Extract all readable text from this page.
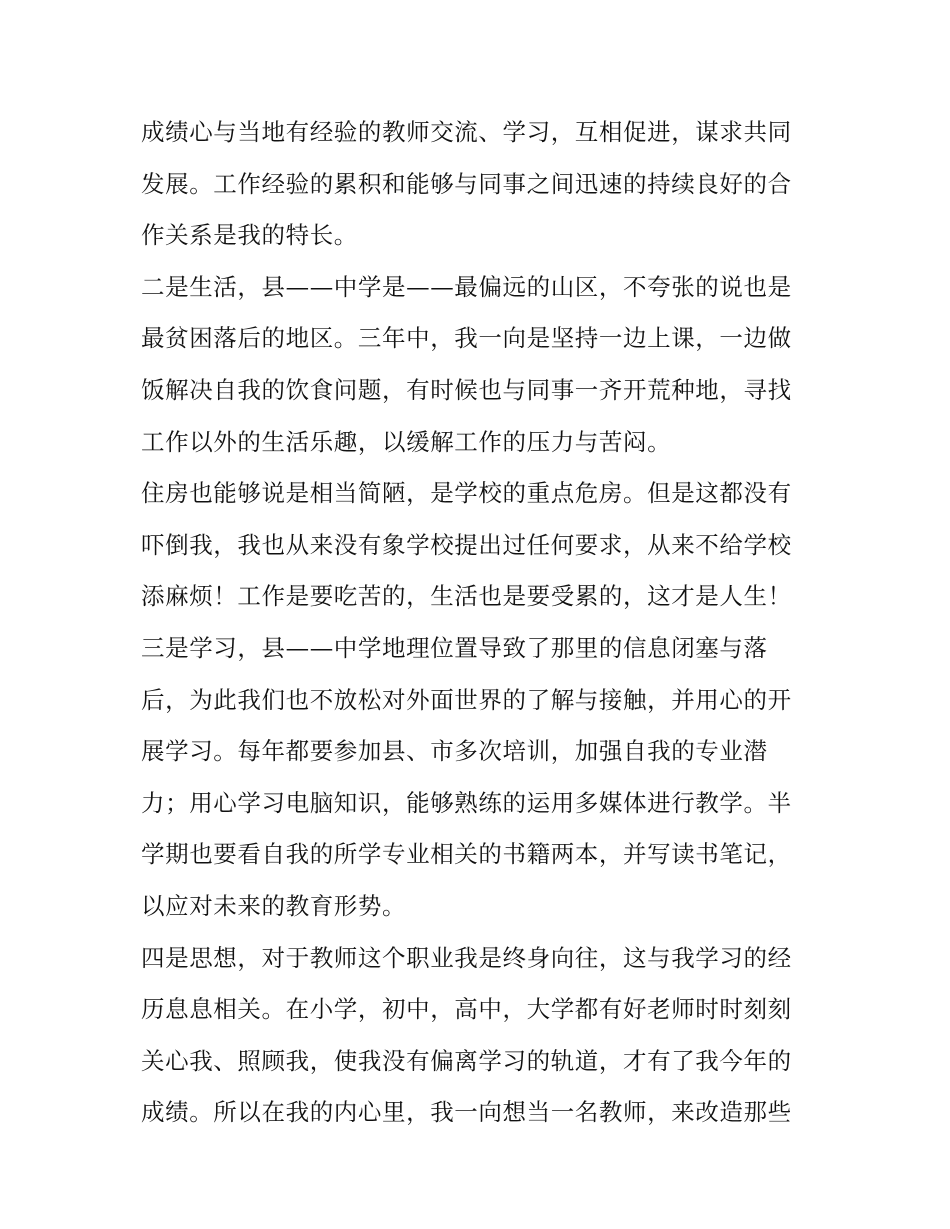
成绩心与当地有经验的教师交流、学习，互相促进，谋求共同
发展。工作经验的累积和能够与同事之间迅速的持续良好的合
作关系是我的特长。
二是生活，县——中学是——最偏远的山区，不夸张的说也是
最贫困落后的地区。三年中，我一向是坚持一边上课，一边做
饭解决自我的饮食问题，有时候也与同事一齐开荒种地，寻找
工作以外的生活乐趣，以缓解工作的压力与苦闷。
住房也能够说是相当简陋，是学校的重点危房。但是这都没有
吓倒我，我也从来没有象学校提出过任何要求，从来不给学校
添麻烦！工作是要吃苦的，生活也是要受累的，这才是人生！
三是学习，县——中学地理位置导致了那里的信息闭塞与落
后，为此我们也不放松对外面世界的了解与接触，并用心的开
展学习。每年都要参加县、市多次培训，加强自我的专业潜
力；用心学习电脑知识，能够熟练的运用多媒体进行教学。半
学期也要看自我的所学专业相关的书籍两本，并写读书笔记，
以应对未来的教育形势。
四是思想，对于教师这个职业我是终身向往，这与我学习的经
历息息相关。在小学，初中，高中，大学都有好老师时时刻刻
关心我、照顾我，使我没有偏离学习的轨道，才有了我今年的
成绩。所以在我的内心里，我一向想当一名教师，来改造那些
